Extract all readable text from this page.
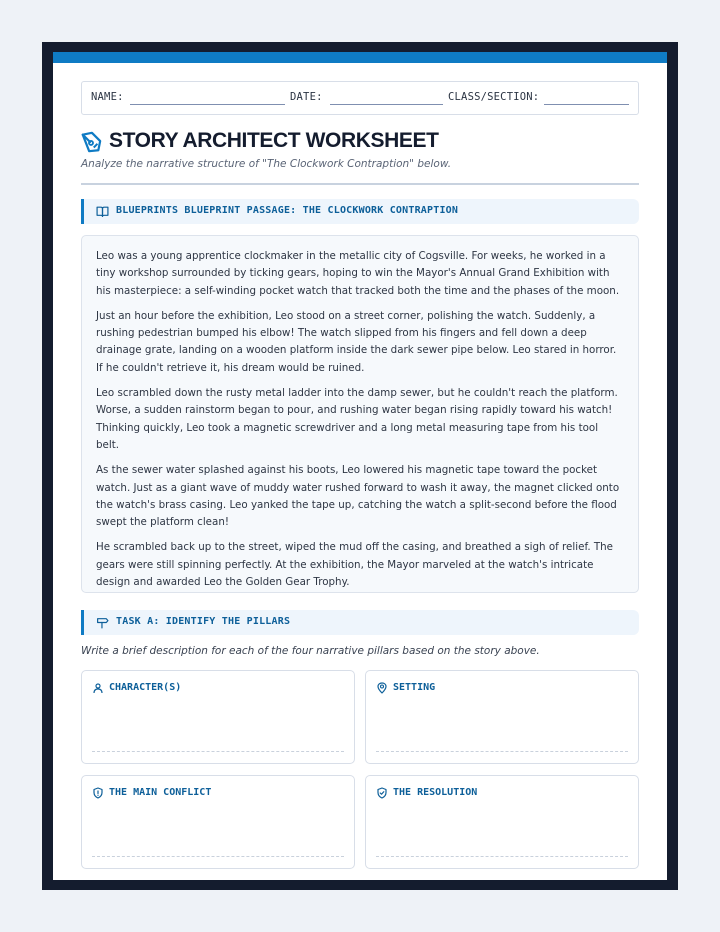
NAME:	DATE:	CLASS/SECTION:
STORY ARCHITECT WORKSHEET
Analyze the narrative structure of "The Clockwork Contraption" below.
BLUEPRINTS BLUEPRINT PASSAGE: THE CLOCKWORK CONTRAPTION

Leo was a young apprentice clockmaker in the metallic city of Cogsville. For weeks, he worked in a tiny workshop surrounded by ticking gears, hoping to win the Mayor's Annual Grand Exhibition with his masterpiece: a self-winding pocket watch that tracked both the time and the phases of the moon.

Just an hour before the exhibition, Leo stood on a street corner, polishing the watch. Suddenly, a rushing pedestrian bumped his elbow! The watch slipped from his fingers and fell down a deep drainage grate, landing on a wooden platform inside the dark sewer pipe below. Leo stared in horror. If he couldn't retrieve it, his dream would be ruined.

Leo scrambled down the rusty metal ladder into the damp sewer, but he couldn't reach the platform. Worse, a sudden rainstorm began to pour, and rushing water began rising rapidly toward his watch! Thinking quickly, Leo took a magnetic screwdriver and a long metal measuring tape from his tool belt.

As the sewer water splashed against his boots, Leo lowered his magnetic tape toward the pocket watch. Just as a giant wave of muddy water rushed forward to wash it away, the magnet clicked onto the watch's brass casing. Leo yanked the tape up, catching the watch a split-second before the flood swept the platform clean!

He scrambled back up to the street, wiped the mud off the casing, and breathed a sigh of relief. The gears were still spinning perfectly. At the exhibition, the Mayor marveled at the watch's intricate design and awarded Leo the Golden Gear Trophy.

TASK A: IDENTIFY THE PILLARS
Write a brief description for each of the four narrative pillars based on the story above.
CHARACTER(S)	SETTING
THE MAIN CONFLICT	THE RESOLUTION
